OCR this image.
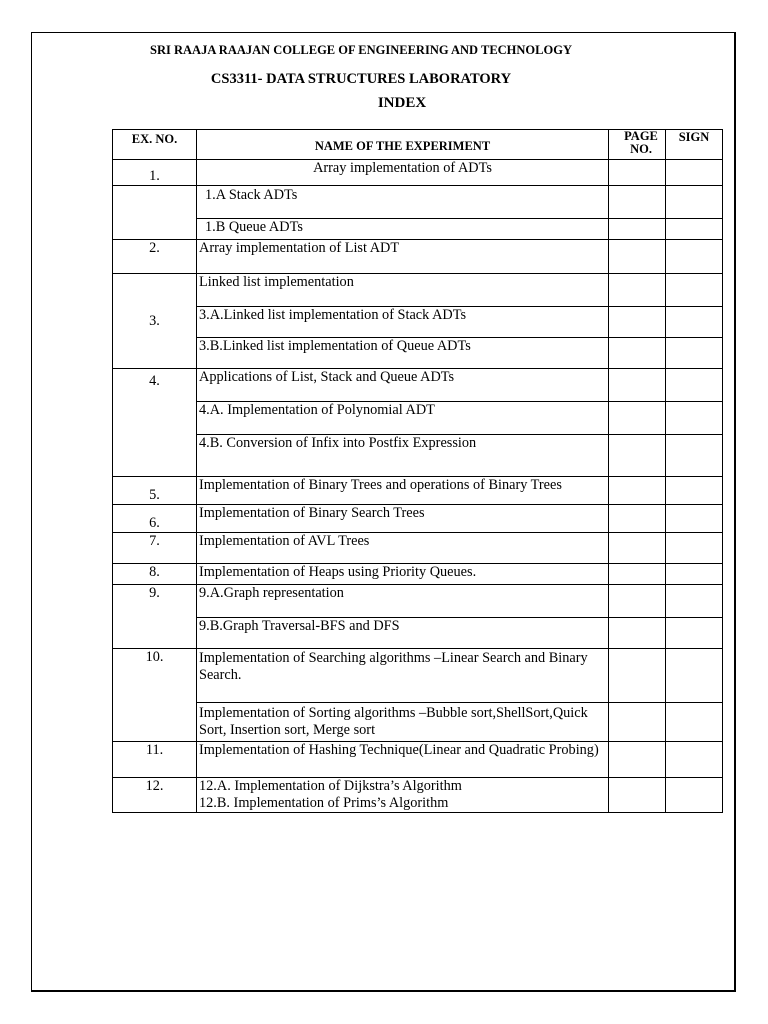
SRI RAAJA RAAJAN COLLEGE OF ENGINEERING AND TECHNOLOGY
CS3311- DATA STRUCTURES LABORATORY
INDEX
EX. NO.	NAME OF THE EXPERIMENT	PAGE NO.	SIGN
1.	Array implementation of ADTs		
	1.A Stack ADTs		
	1.B Queue ADTs		
2.	Array implementation of List ADT		
3.	Linked list implementation		
	3.A.Linked list implementation of Stack ADTs		
	3.B.Linked list implementation of Queue ADTs		
4.	Applications of List, Stack and Queue ADTs		
	4.A. Implementation of Polynomial ADT		
	4.B. Conversion of Infix into Postfix Expression		
5.	Implementation of Binary Trees and operations of Binary Trees		
6.	Implementation of Binary Search Trees		
7.	Implementation of AVL Trees		
8.	Implementation of Heaps using Priority Queues.		
9.	9.A.Graph representation		
	9.B.Graph Traversal-BFS and DFS		
10.	Implementation of Searching algorithms –Linear Search and Binary Search.		
	Implementation of Sorting algorithms –Bubble sort,ShellSort,Quick Sort, Insertion sort, Merge sort		
11.	Implementation of Hashing Technique(Linear and Quadratic Probing)		
12.	12.A. Implementation of Dijkstra’s Algorithm
12.B. Implementation of Prims’s Algorithm		
